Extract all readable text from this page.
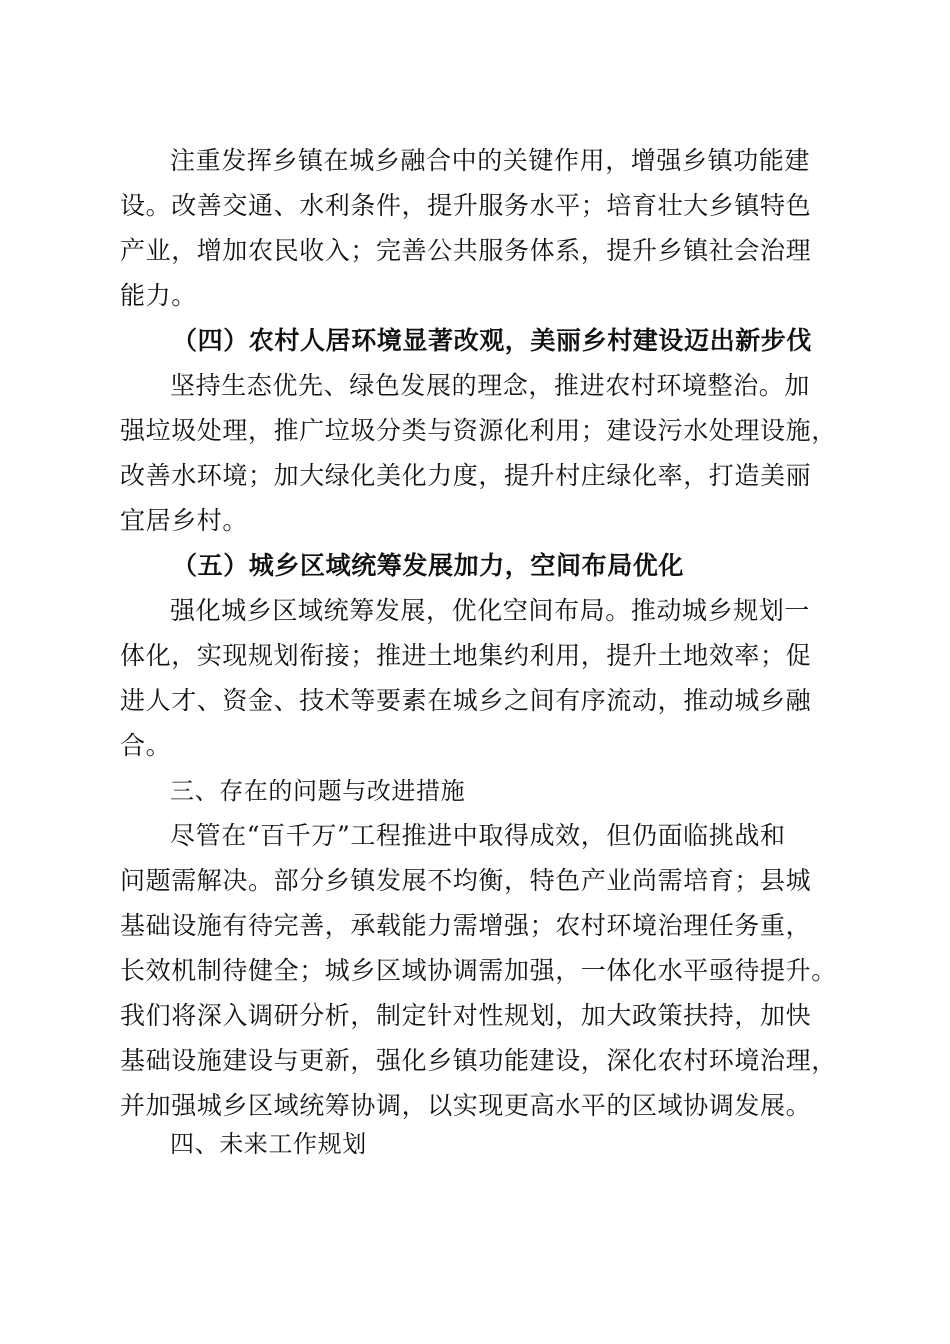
注重发挥乡镇在城乡融合中的关键作用，增强乡镇功能建
设。改善交通、水利条件，提升服务水平；培育壮大乡镇特色
产业，增加农民收入；完善公共服务体系，提升乡镇社会治理
能力。
（四）农村人居环境显著改观，美丽乡村建设迈出新步伐
坚持生态优先、绿色发展的理念，推进农村环境整治。加
强垃圾处理，推广垃圾分类与资源化利用；建设污水处理设施，
改善水环境；加大绿化美化力度，提升村庄绿化率，打造美丽
宜居乡村。
（五）城乡区域统筹发展加力，空间布局优化
强化城乡区域统筹发展，优化空间布局。推动城乡规划一
体化，实现规划衔接；推进土地集约利用，提升土地效率；促
进人才、资金、技术等要素在城乡之间有序流动，推动城乡融
合。
三、存在的问题与改进措施
尽管在“百千万”工程推进中取得成效，但仍面临挑战和
问题需解决。部分乡镇发展不均衡，特色产业尚需培育；县城
基础设施有待完善，承载能力需增强；农村环境治理任务重，
长效机制待健全；城乡区域协调需加强，一体化水平亟待提升。
我们将深入调研分析，制定针对性规划，加大政策扶持，加快
基础设施建设与更新，强化乡镇功能建设，深化农村环境治理，
并加强城乡区域统筹协调，以实现更高水平的区域协调发展。
四、未来工作规划
